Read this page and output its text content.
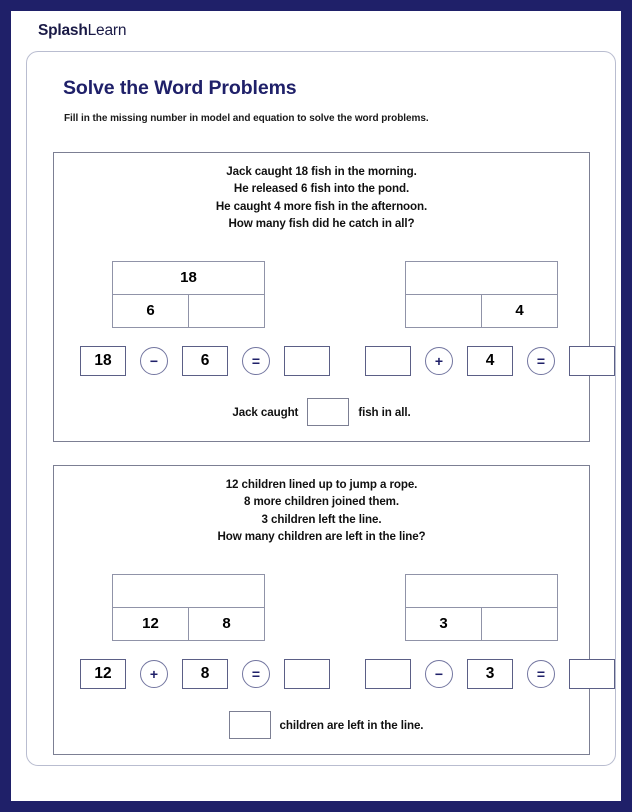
SplashLearn
Solve the Word Problems
Fill in the missing number in model and equation to solve the word problems.
Jack caught 18 fish in the morning.
He released 6 fish into the pond.
He caught 4 more fish in the afternoon.
How many fish did he catch in all?
18
6	4
18	−	6	=	+	4	=
Jack caught	fish in all.
12 children lined up to jump a rope.
8 more children joined them.
3 children left the line.
How many children are left in the line?
12	8	3
12	+	8	=	−	3	=
children are left in the line.
